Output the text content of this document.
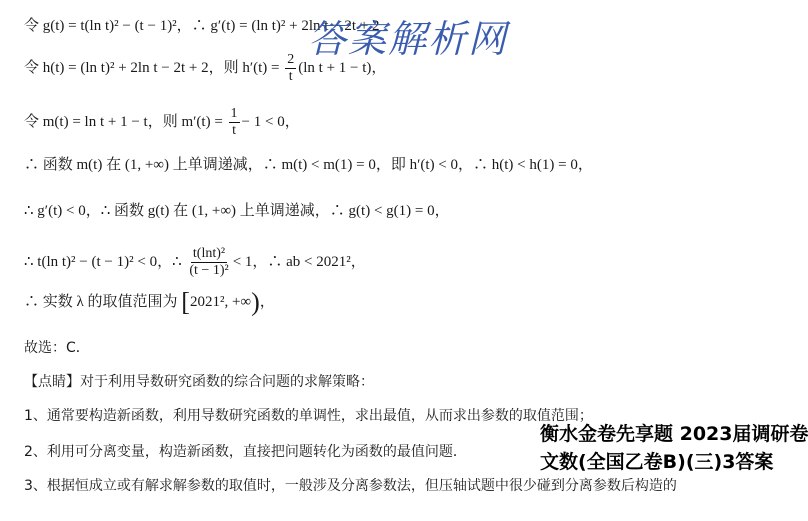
令 g(t) = t(ln t)² − (t − 1)²，∴ g′(t) = (ln t)² + 2ln t − 2t + 2
令 h(t) = (ln t)² + 2ln t − 2t + 2，则 $h'(t) = \frac{2}{t} (\ln$ t + 1 − t)，
令 m(t) = ln t + 1 − t，则 $m'(t) = \frac{1}{t} - 1 < 0$，
∴ 函数 m(t) 在 (1, +∞) 上单调递减，∴ m(t) < m(1) = 0，即 h′(t) < 0，∴ h(t) < h(1) = 0，
∴ g′(t) < 0，∴ 函数 g(t) 在 (1, +∞) 上单调递减，∴ g(t) < g(1) = 0，
∴ t(ln t)² − (t − 1)² < 0，∴ $\frac{\text{t(lnt)²}}{\text{(t − 1)²}} < 1$，∴ ab < 2021²，
∴ 实数 λ 的取值范围为 [2021², +∞)，
故选：C．
【点睛】对于利用导数研究函数的综合问题的求解策略：
1、通常要构造新函数，利用导数研究函数的单调性，求出最值，从而求出参数的取值范围；
2、利用可分离变量，构造新函数，直接把问题转化为函数的最值问题．
3、根据恒成立或有解求解参数的取值时，一般涉及分离参数法，但压轴试题中很少碰到分离参数后构造的
答案解析网
衡水金卷先享题 2023届调研卷 文数(全国乙卷B)(三)3答案
